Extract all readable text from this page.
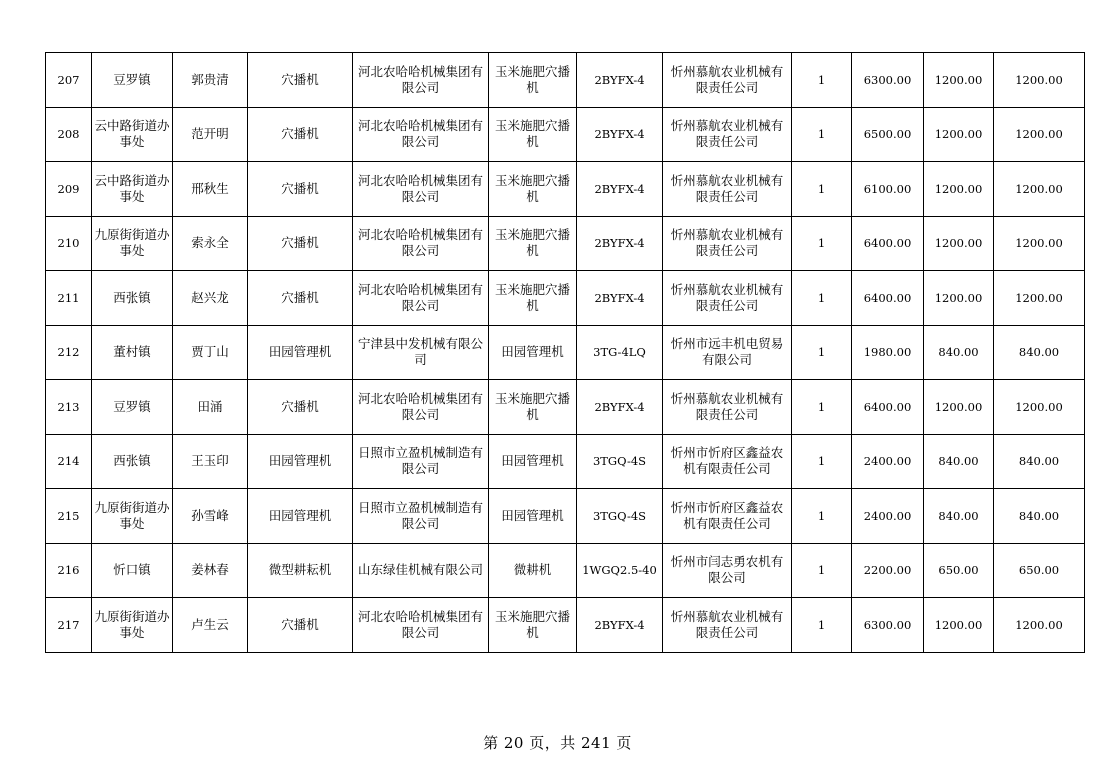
207	豆罗镇	郭贵清	穴播机	河北农哈哈机械集团有限公司	玉米施肥穴播机	2BYFX-4	忻州慕航农业机械有限责任公司	1	6300.00	1200.00	1200.00
208	云中路街道办事处	范开明	穴播机	河北农哈哈机械集团有限公司	玉米施肥穴播机	2BYFX-4	忻州慕航农业机械有限责任公司	1	6500.00	1200.00	1200.00
209	云中路街道办事处	邢秋生	穴播机	河北农哈哈机械集团有限公司	玉米施肥穴播机	2BYFX-4	忻州慕航农业机械有限责任公司	1	6100.00	1200.00	1200.00
210	九原街街道办事处	索永全	穴播机	河北农哈哈机械集团有限公司	玉米施肥穴播机	2BYFX-4	忻州慕航农业机械有限责任公司	1	6400.00	1200.00	1200.00
211	西张镇	赵兴龙	穴播机	河北农哈哈机械集团有限公司	玉米施肥穴播机	2BYFX-4	忻州慕航农业机械有限责任公司	1	6400.00	1200.00	1200.00
212	董村镇	贾丁山	田园管理机	宁津县中发机械有限公司	田园管理机	3TG-4LQ	忻州市远丰机电贸易有限公司	1	1980.00	840.00	840.00
213	豆罗镇	田涌	穴播机	河北农哈哈机械集团有限公司	玉米施肥穴播机	2BYFX-4	忻州慕航农业机械有限责任公司	1	6400.00	1200.00	1200.00
214	西张镇	王玉印	田园管理机	日照市立盈机械制造有限公司	田园管理机	3TGQ-4S	忻州市忻府区鑫益农机有限责任公司	1	2400.00	840.00	840.00
215	九原街街道办事处	孙雪峰	田园管理机	日照市立盈机械制造有限公司	田园管理机	3TGQ-4S	忻州市忻府区鑫益农机有限责任公司	1	2400.00	840.00	840.00
216	忻口镇	姜林春	微型耕耘机	山东绿佳机械有限公司	微耕机	1WGQ2.5-40	忻州市闫志勇农机有限公司	1	2200.00	650.00	650.00
217	九原街街道办事处	卢生云	穴播机	河北农哈哈机械集团有限公司	玉米施肥穴播机	2BYFX-4	忻州慕航农业机械有限责任公司	1	6300.00	1200.00	1200.00
第 20 页，共 241 页
